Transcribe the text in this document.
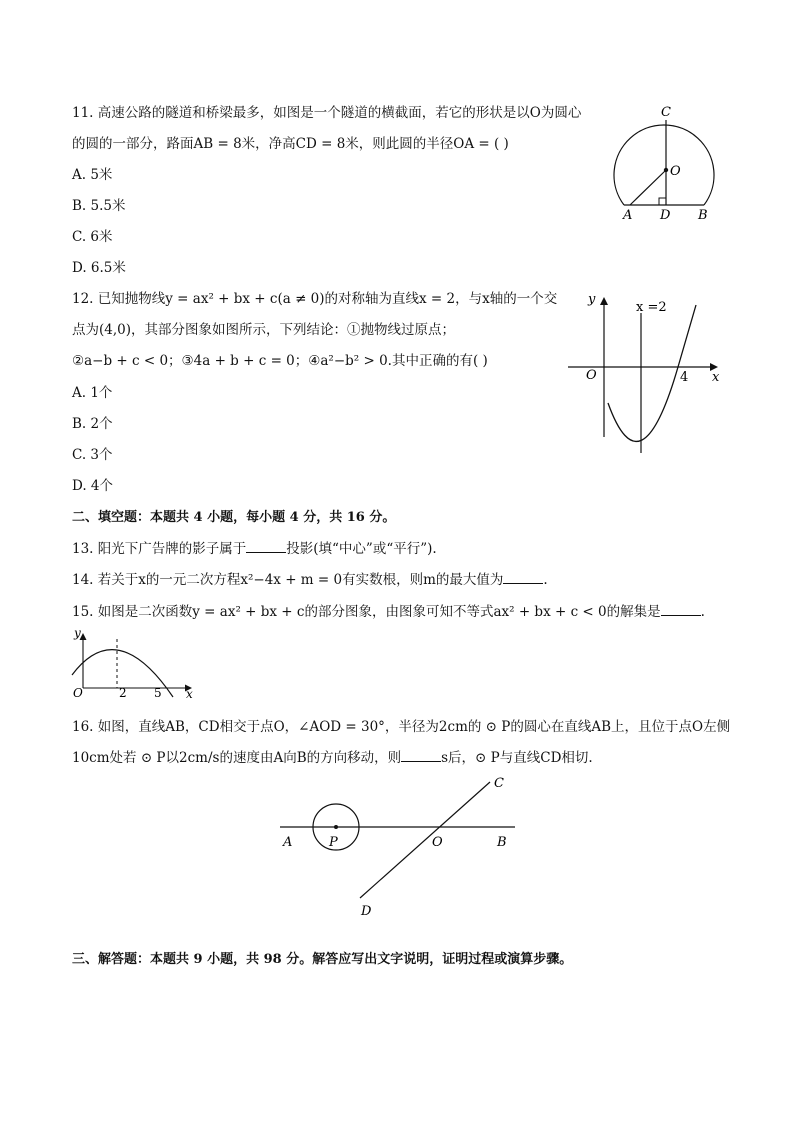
11. 高速公路的隧道和桥梁最多，如图是一个隧道的横截面，若它的形状是以O为圆心
的圆的一部分，路面AB = 8米，净高CD = 8米，则此圆的半径OA = ( )
A. 5米
B. 5.5米
C. 6米
D. 6.5米
C
O
A D B
12. 已知抛物线y = ax² + bx + c(a ≠ 0)的对称轴为直线x = 2，与x轴的一个交
点为(4,0)，其部分图象如图所示，下列结论：①抛物线过原点；
②a−b + c < 0；③4a + b + c = 0；④a²−b² > 0.其中正确的有( )
A. 1个
B. 2个
C. 3个
D. 4个
y
x =2
O	4 x
二、填空题：本题共 4 小题，每小题 4 分，共 16 分。
13. 阳光下广告牌的影子属于	投影(填“中心”或“平行”).
14. 若关于x的一元二次方程x²−4x + m = 0有实数根，则m的最大值为	.
15. 如图是二次函数y = ax² + bx + c的部分图象，由图象可知不等式ax² + bx + c < 0的解集是	.
y
O	2 5 x
16. 如图，直线AB，CD相交于点O，∠AOD = 30°，半径为2cm的 ⊙ P的圆心在直线AB上，且位于点O左侧
10cm处若 ⊙ P以2cm/s的速度由A向B的方向移动，则	s后，⊙ P与直线CD相切.
A	P	O	B
C
D
三、解答题：本题共 9 小题，共 98 分。解答应写出文字说明，证明过程或演算步骤。
